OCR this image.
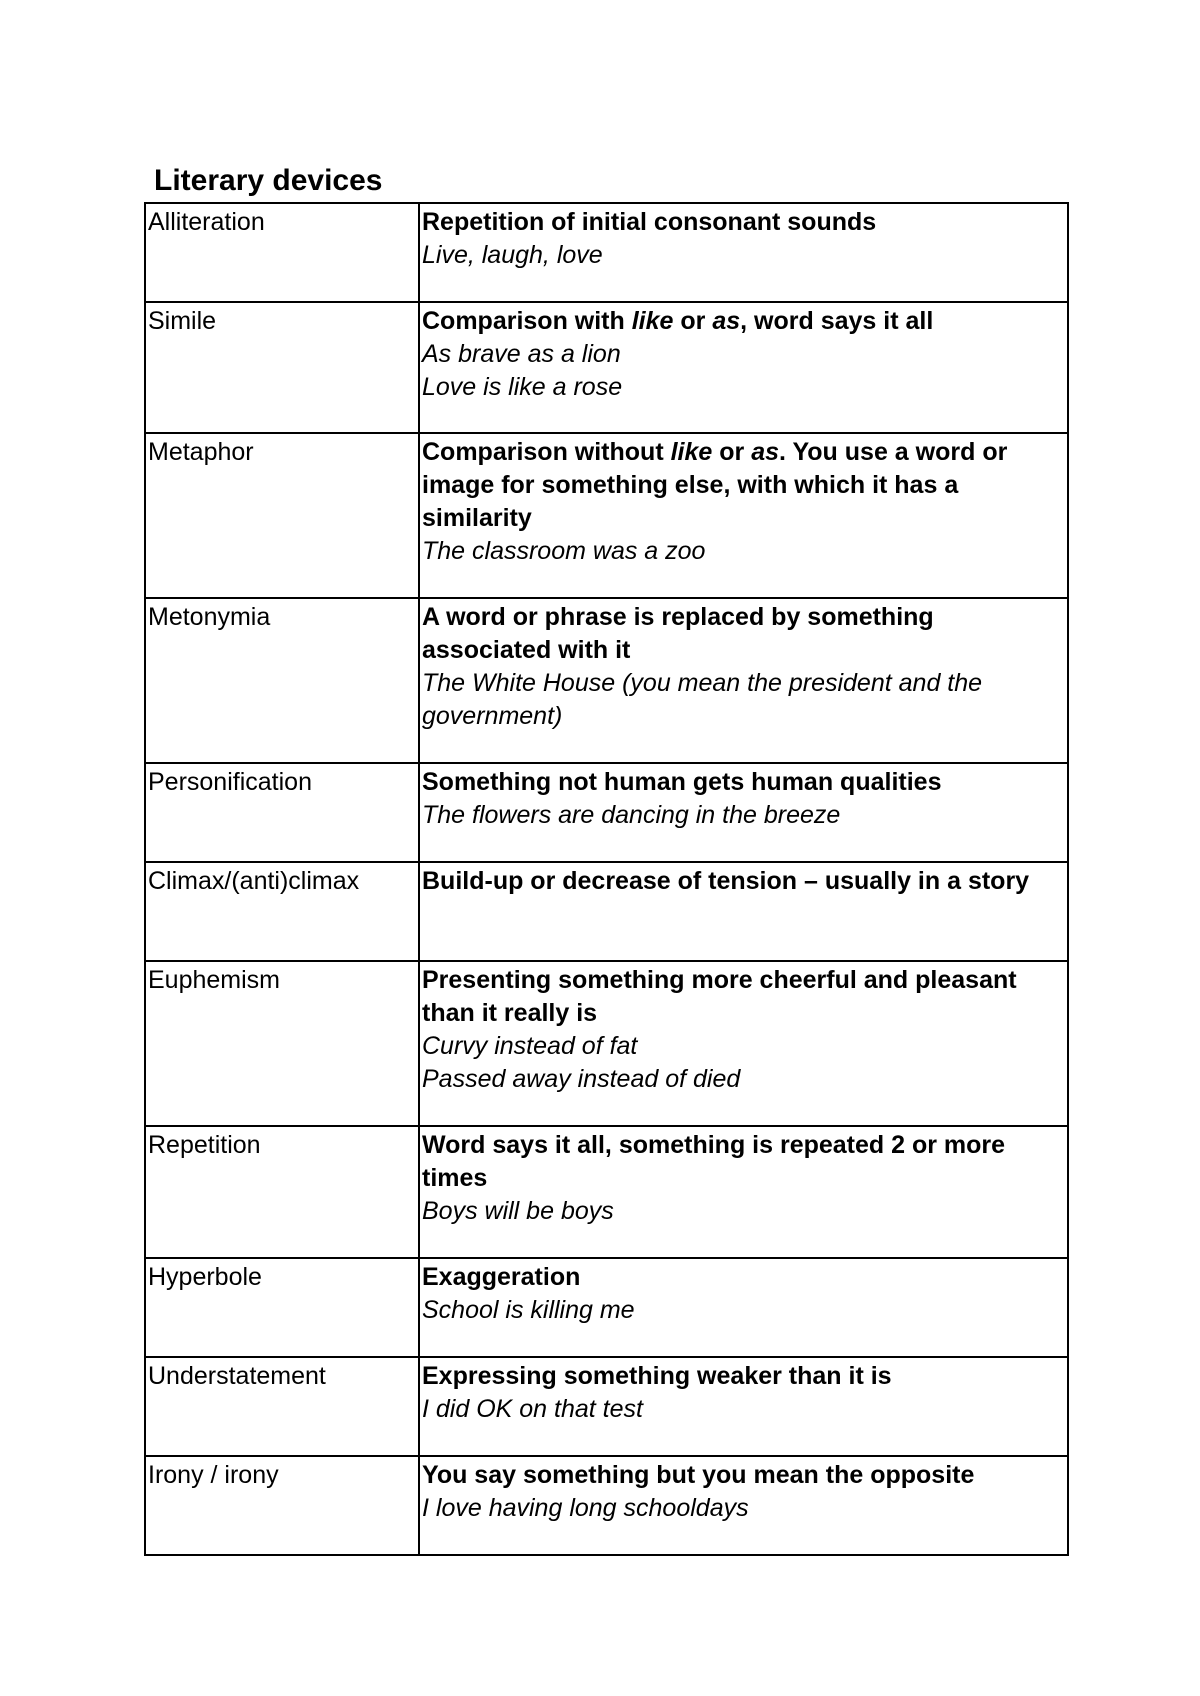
Literary devices
Alliteration	Repetition of initial consonant sounds
Live, laugh, love

Simile	Comparison with like or as, word says it all
As brave as a lion
Love is like a rose

Metaphor	Comparison without like or as. You use a word or image for something else, with which it has a similarity
The classroom was a zoo

Metonymia	A word or phrase is replaced by something associated with it
The White House (you mean the president and the government)

Personification	Something not human gets human qualities
The flowers are dancing in the breeze

Climax/(anti)climax	Build-up or decrease of tension – usually in a story

Euphemism	Presenting something more cheerful and pleasant than it really is
Curvy instead of fat
Passed away instead of died

Repetition	Word says it all, something is repeated 2 or more times
Boys will be boys

Hyperbole	Exaggeration
School is killing me

Understatement	Expressing something weaker than it is
I did OK on that test

Irony / irony	You say something but you mean the opposite
I love having long schooldays
